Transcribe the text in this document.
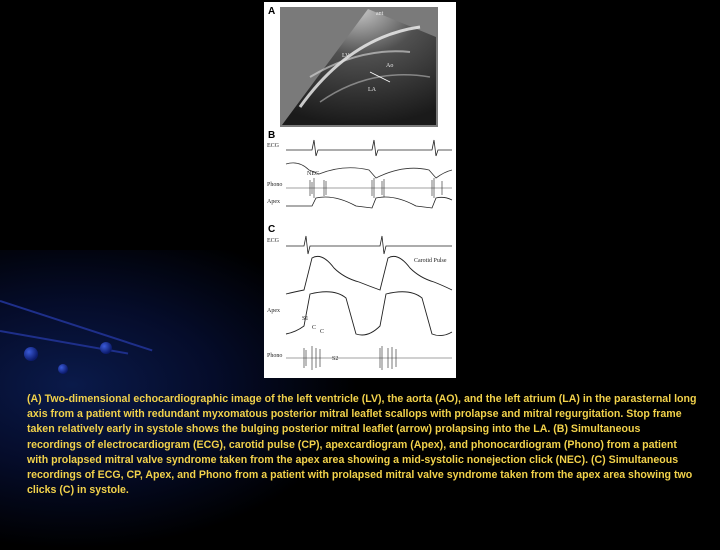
A	ant
LV
Ao
LA
B
ECG
NEC
Phono
Apex
C
ECG
Carotid Pulse
Apex
S1
C
C
Phono	S2
(A) Two-dimensional echocardiographic image of the left ventricle (LV), the aorta (AO), and the left atrium (LA) in the parasternal long axis from a patient with redundant myxomatous posterior mitral leaflet scallops with prolapse and mitral regurgitation. Stop frame taken relatively early in systole shows the bulging posterior mitral leaflet (arrow) prolapsing into the LA. (B) Simultaneous recordings of electrocardiogram (ECG), carotid pulse (CP), apexcardiogram (Apex), and phonocardiogram (Phono) from a patient with prolapsed mitral valve syndrome taken from the apex area showing a mid-systolic nonejection click (NEC). (C) Simultaneous recordings of ECG, CP, Apex, and Phono from a patient with prolapsed mitral valve syndrome taken from the apex area showing two clicks (C) in systole.
